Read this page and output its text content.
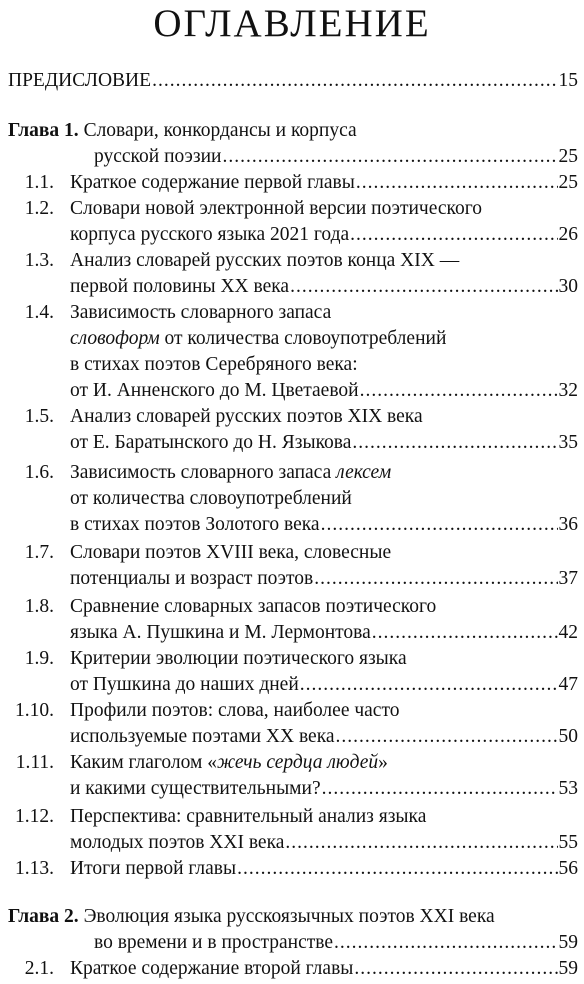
ОГЛАВЛЕНИЕ
ПРЕДИСЛОВИЕ .....	15
Глава 1. Словари, конкордансы и корпуса
русской поэзии .....	25
1.1. Краткое содержание первой главы .....	25
1.2. Словари новой электронной версии поэтического
корпуса русского языка 2021 года .....	26
1.3. Анализ словарей русских поэтов конца XIX —
первой половины XX века .....	30
1.4. Зависимость словарного запаса
словоформ от количества словоупотреблений
в стихах поэтов Серебряного века:
от И. Анненского до М. Цветаевой .....	32
1.5. Анализ словарей русских поэтов XIX века
от Е. Баратынского до Н. Языкова .....	35
1.6. Зависимость словарного запаса лексем
от количества словоупотреблений
в стихах поэтов Золотого века .....	36
1.7. Словари поэтов XVIII века, словесные
потенциалы и возраст поэтов .....	37
1.8. Сравнение словарных запасов поэтического
языка А. Пушкина и М. Лермонтова .....	42
1.9. Критерии эволюции поэтического языка
от Пушкина до наших дней .....	47
1.10. Профили поэтов: слова, наиболее часто
используемые поэтами XX века .....	50
1.11. Каким глаголом «жечь сердца людей»
и какими существительными? .....	53
1.12. Перспектива: сравнительный анализ языка
молодых поэтов XXI века .....	55
1.13. Итоги первой главы .....	56
Глава 2. Эволюция языка русскоязычных поэтов XXI века
во времени и в пространстве .....	59
2.1. Краткое содержание второй главы .....	59
